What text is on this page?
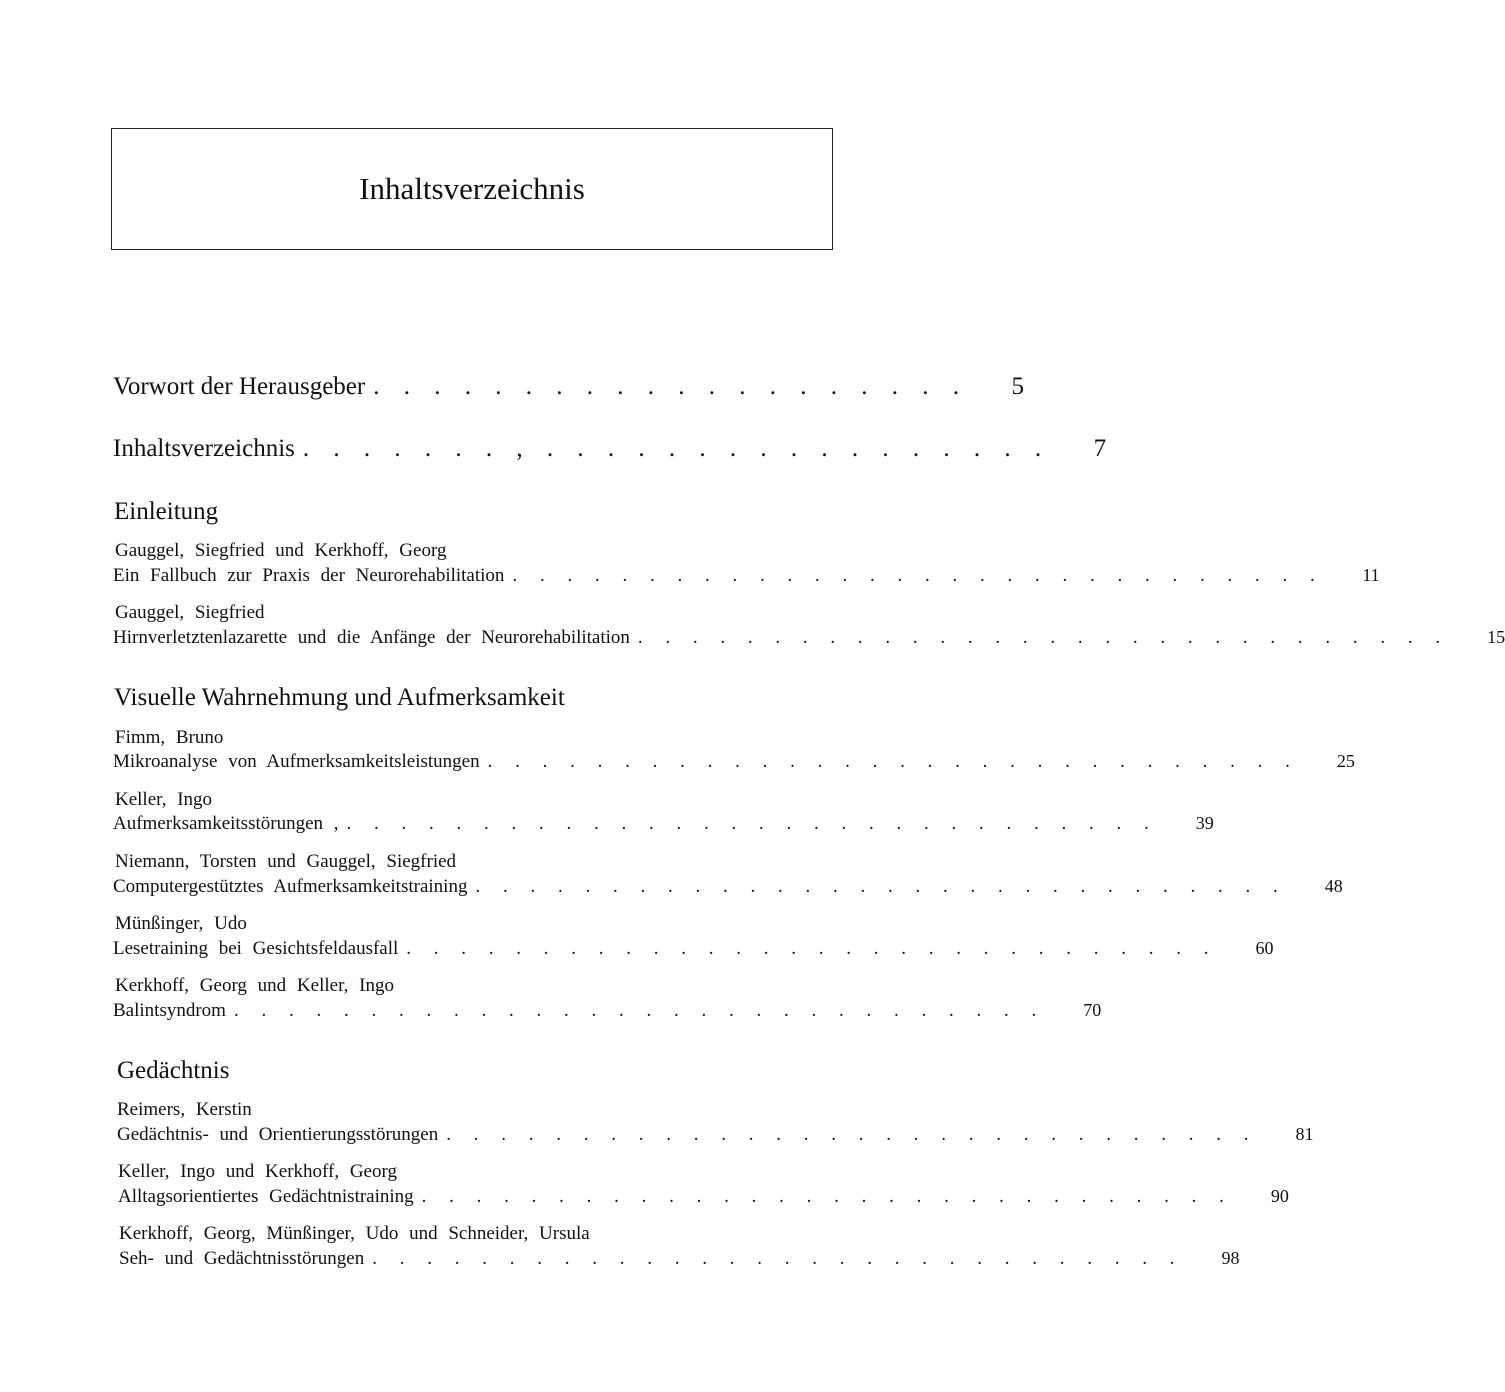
Inhaltsverzeichnis
Vorwort der Herausgeber . . . . . . . . . . . . . . . . . . . .	5
Inhaltsverzeichnis . . . . . . . , . . . . . . . . . . . . . . . . .	7
Einleitung
Gauggel, Siegfried und Kerkhoff, Georg
Ein Fallbuch zur Praxis der Neurorehabilitation . . . . . . . . . . . . . . . . . . . . . . . . . . . . . .	11
Gauggel, Siegfried
Hirnverletztenlazarette und die Anfänge der Neurorehabilitation . . . . . . . . . . . . . . . . . . . . . . . . . . . . . .	15
Visuelle Wahrnehmung und Aufmerksamkeit
Fimm, Bruno
Mikroanalyse von Aufmerksamkeitsleistungen . . . . . . . . . . . . . . . . . . . . . . . . . . . . . .	25
Keller, Ingo
Aufmerksamkeitsstörungen , . . . . . . . . . . . . . . . . . . . . . . . . . . . . . .	39
Niemann, Torsten und Gauggel, Siegfried
Computergestütztes Aufmerksamkeitstraining . . . . . . . . . . . . . . . . . . . . . . . . . . . . . .	48
Münßinger, Udo
Lesetraining bei Gesichtsfeldausfall . . . . . . . . . . . . . . . . . . . . . . . . . . . . . .	60
Kerkhoff, Georg und Keller, Ingo
Balintsyndrom . . . . . . . . . . . . . . . . . . . . . . . . . . . . . .	70
Gedächtnis
Reimers, Kerstin
Gedächtnis- und Orientierungsstörungen . . . . . . . . . . . . . . . . . . . . . . . . . . . . . .	81
Keller, Ingo und Kerkhoff, Georg
Alltagsorientiertes Gedächtnistraining . . . . . . . . . . . . . . . . . . . . . . . . . . . . . .	90
Kerkhoff, Georg, Münßinger, Udo und Schneider, Ursula
Seh- und Gedächtnisstörungen . . . . . . . . . . . . . . . . . . . . . . . . . . . . . .	98
